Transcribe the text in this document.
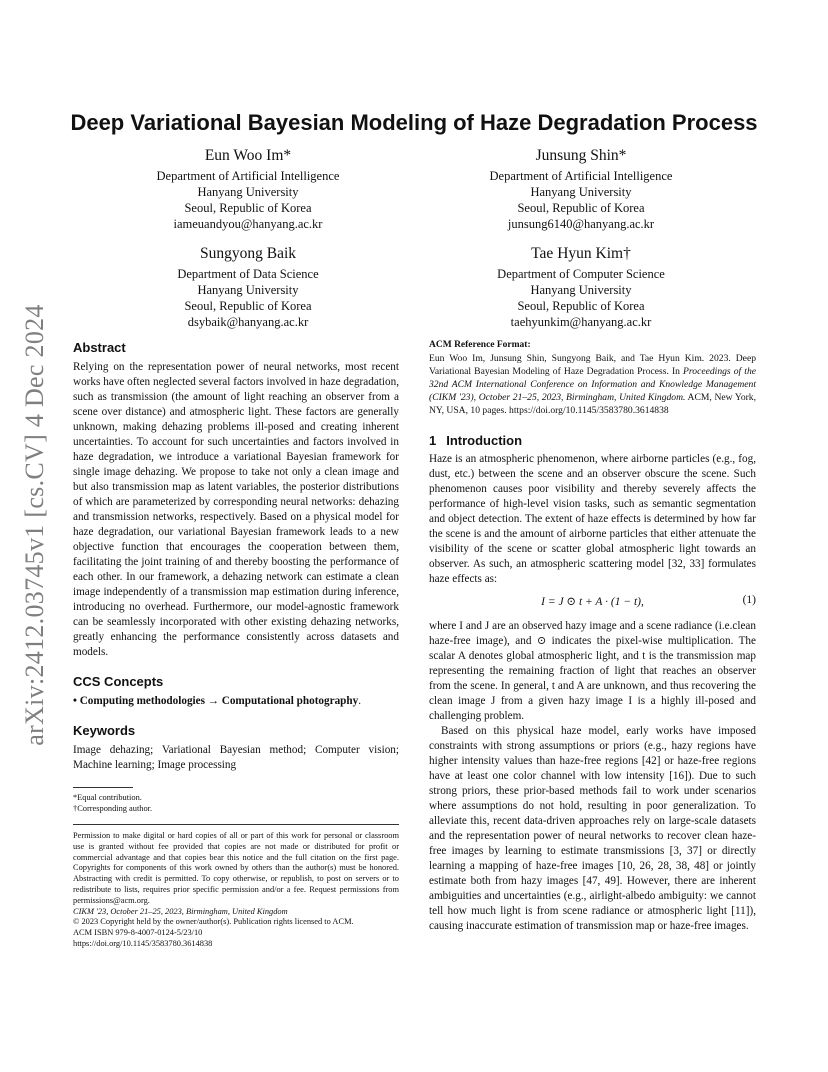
arXiv:2412.03745v1 [cs.CV] 4 Dec 2024
Deep Variational Bayesian Modeling of Haze Degradation Process
Eun Woo Im*
Department of Artificial Intelligence
Hanyang University
Seoul, Republic of Korea
iameuandyou@hanyang.ac.kr
Junsung Shin*
Department of Artificial Intelligence
Hanyang University
Seoul, Republic of Korea
junsung6140@hanyang.ac.kr
Sungyong Baik
Department of Data Science
Hanyang University
Seoul, Republic of Korea
dsybaik@hanyang.ac.kr
Tae Hyun Kim†
Department of Computer Science
Hanyang University
Seoul, Republic of Korea
taehyunkim@hanyang.ac.kr
Abstract

Relying on the representation power of neural networks, most recent works have often neglected several factors involved in haze degradation, such as transmission (the amount of light reaching an observer from a scene over distance) and atmospheric light. These factors are generally unknown, making dehazing problems ill-posed and creating inherent uncertainties. To account for such uncertainties and factors involved in haze degradation, we introduce a variational Bayesian framework for single image dehazing. We propose to take not only a clean image and but also transmission map as latent variables, the posterior distributions of which are parameterized by corresponding neural networks: dehazing and transmission networks, respectively. Based on a physical model for haze degradation, our variational Bayesian framework leads to a new objective function that encourages the cooperation between them, facilitating the joint training of and thereby boosting the performance of each other. In our framework, a dehazing network can estimate a clean image independently of a transmission map estimation during inference, introducing no overhead. Furthermore, our model-agnostic framework can be seamlessly incorporated with other existing dehazing networks, greatly enhancing the performance consistently across datasets and models.

CCS Concepts

• Computing methodologies → Computational photography.

Keywords

Image dehazing; Variational Bayesian method; Computer vision; Machine learning; Image processing

*Equal contribution.

†Corresponding author.

Permission to make digital or hard copies of all or part of this work for personal or classroom use is granted without fee provided that copies are not made or distributed for profit or commercial advantage and that copies bear this notice and the full citation on the first page. Copyrights for components of this work owned by others than the author(s) must be honored. Abstracting with credit is permitted. To copy otherwise, or republish, to post on servers or to redistribute to lists, requires prior specific permission and/or a fee. Request permissions from permissions@acm.org.

CIKM '23, October 21–25, 2023, Birmingham, United Kingdom

© 2023 Copyright held by the owner/author(s). Publication rights licensed to ACM.

ACM ISBN 979-8-4007-0124-5/23/10

https://doi.org/10.1145/3583780.3614838

ACM Reference Format:

Eun Woo Im, Junsung Shin, Sungyong Baik, and Tae Hyun Kim. 2023. Deep Variational Bayesian Modeling of Haze Degradation Process. In Proceedings of the 32nd ACM International Conference on Information and Knowledge Management (CIKM '23), October 21–25, 2023, Birmingham, United Kingdom. ACM, New York, NY, USA, 10 pages. https://doi.org/10.1145/3583780.3614838

1 Introduction

Haze is an atmospheric phenomenon, where airborne particles (e.g., fog, dust, etc.) between the scene and an observer obscure the scene. Such phenomenon causes poor visibility and thereby severely affects the performance of high-level vision tasks, such as semantic segmentation and object detection. The extent of haze effects is determined by how far the scene is and the amount of airborne particles that either attenuate the visibility of the scene or scatter global atmospheric light towards an observer. As such, an atmospheric scattering model [32, 33] formulates haze effects as:

I = J ⊙ t + A · (1 − t),	(1)

where I and J are an observed hazy image and a scene radiance (i.e.clean haze-free image), and ⊙ indicates the pixel-wise multiplication. The scalar A denotes global atmospheric light, and t is the transmission map representing the remaining fraction of light that reaches an observer from the scene. In general, t and A are unknown, and thus recovering the clean image J from a given hazy image I is a highly ill-posed and challenging problem.

Based on this physical haze model, early works have imposed constraints with strong assumptions or priors (e.g., hazy regions have higher intensity values than haze-free regions [42] or haze-free regions have at least one color channel with low intensity [16]). Due to such strong priors, these prior-based methods fail to work under scenarios where assumptions do not hold, resulting in poor generalization. To alleviate this, recent data-driven approaches rely on large-scale datasets and the representation power of neural networks to recover clean haze-free images by learning to estimate transmissions [3, 37] or directly learning a mapping of haze-free images [10, 26, 28, 38, 48] or jointly estimate both from hazy images [47, 49]. However, there are inherent ambiguities and uncertainties (e.g., airlight-albedo ambiguity: we cannot tell how much light is from scene radiance or atmospheric light [11]), causing inaccurate estimation of transmission map or haze-free images.
